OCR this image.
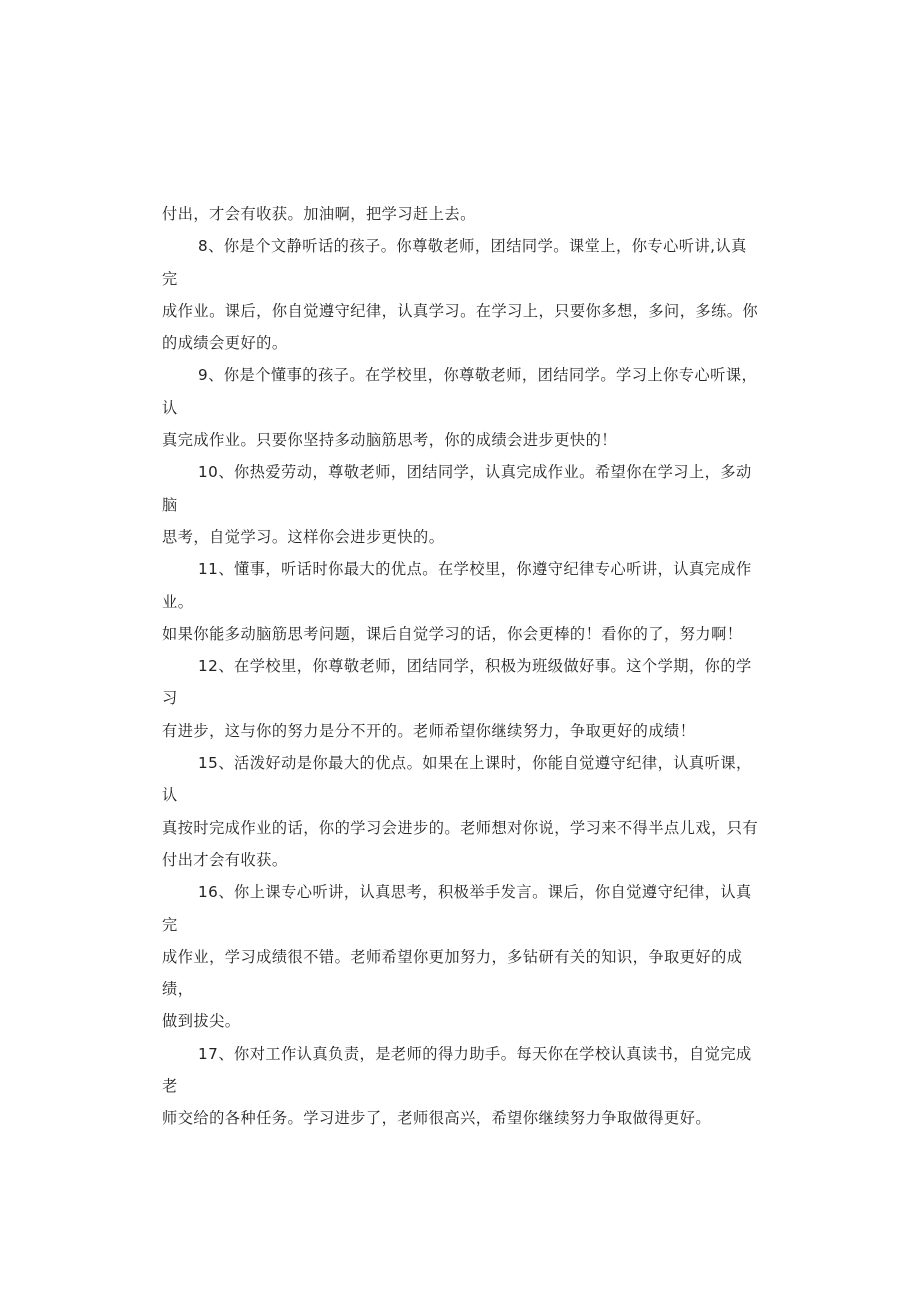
付出，才会有收获。加油啊，把学习赶上去。

8、你是个文静听话的孩子。你尊敬老师，团结同学。课堂上，你专心听讲,认真完
成作业。课后，你自觉遵守纪律，认真学习。在学习上，只要你多想，多问，多练。你
的成绩会更好的。

9、你是个懂事的孩子。在学校里，你尊敬老师，团结同学。学习上你专心听课，认
真完成作业。只要你坚持多动脑筋思考，你的成绩会进步更快的！

10、你热爱劳动，尊敬老师，团结同学，认真完成作业。希望你在学习上，多动脑
思考，自觉学习。这样你会进步更快的。

11、懂事，听话时你最大的优点。在学校里，你遵守纪律专心听讲，认真完成作业。
如果你能多动脑筋思考问题，课后自觉学习的话，你会更棒的！看你的了，努力啊！

12、在学校里，你尊敬老师，团结同学，积极为班级做好事。这个学期，你的学习
有进步，这与你的努力是分不开的。老师希望你继续努力，争取更好的成绩！

15、活泼好动是你最大的优点。如果在上课时，你能自觉遵守纪律，认真听课，认
真按时完成作业的话，你的学习会进步的。老师想对你说，学习来不得半点儿戏，只有
付出才会有收获。

16、你上课专心听讲，认真思考，积极举手发言。课后，你自觉遵守纪律，认真完
成作业，学习成绩很不错。老师希望你更加努力，多钻研有关的知识，争取更好的成绩，
做到拔尖。

17、你对工作认真负责，是老师的得力助手。每天你在学校认真读书，自觉完成老
师交给的各种任务。学习进步了，老师很高兴，希望你继续努力争取做得更好。
